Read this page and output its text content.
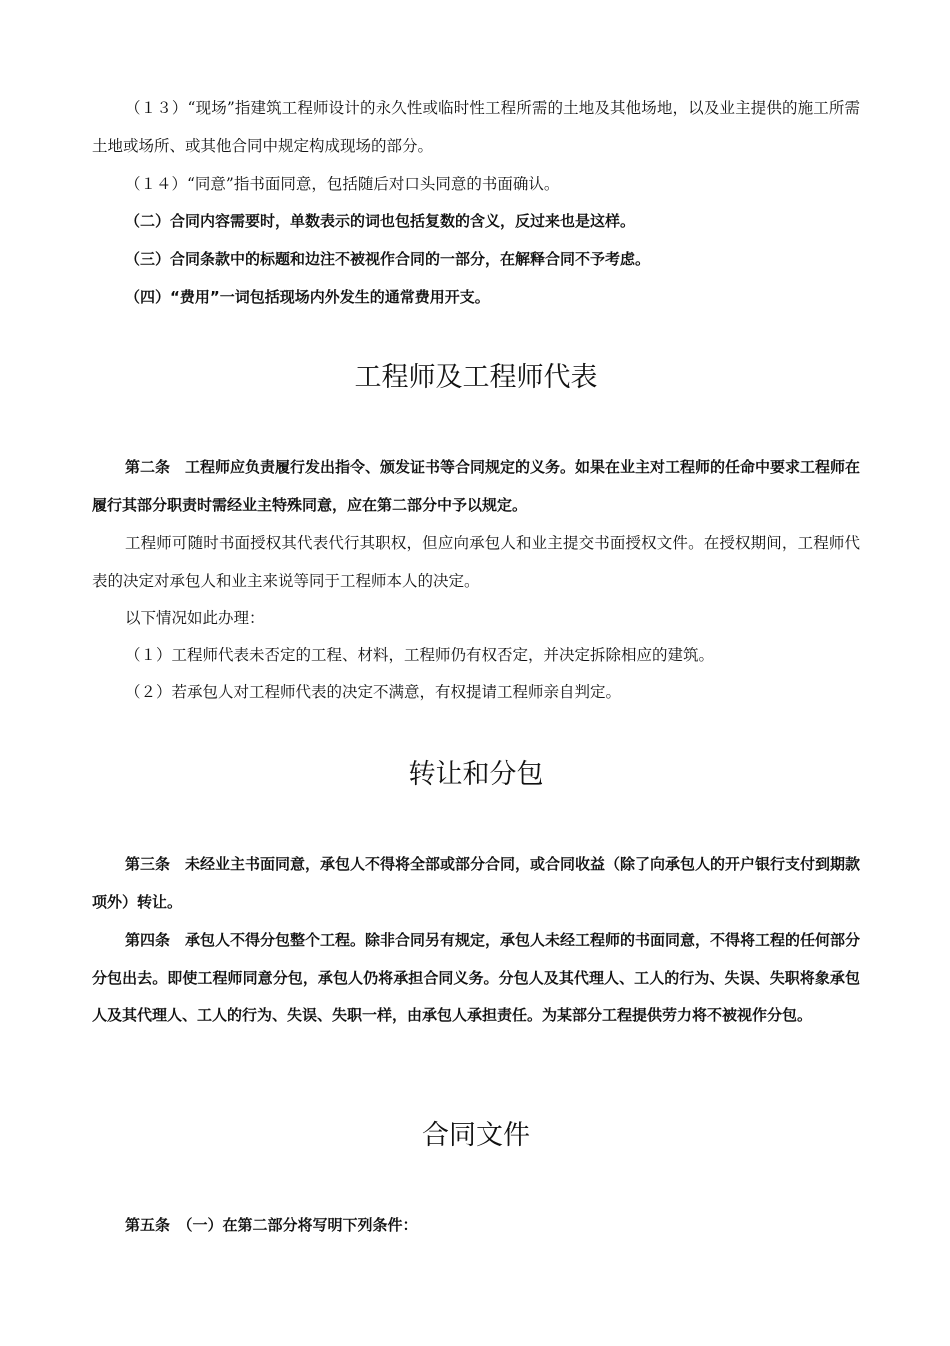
（１３）“现场”指建筑工程师设计的永久性或临时性工程所需的土地及其他场地，以及业主提供的施工所需土地或场所、或其他合同中规定构成现场的部分。

（１４）“同意”指书面同意，包括随后对口头同意的书面确认。

（二）合同内容需要时，单数表示的词也包括复数的含义，反过来也是这样。

（三）合同条款中的标题和边注不被视作合同的一部分，在解释合同不予考虑。

（四）“费用”一词包括现场内外发生的通常费用开支。

工程师及工程师代表

第二条　工程师应负责履行发出指令、颁发证书等合同规定的义务。如果在业主对工程师的任命中要求工程师在履行其部分职责时需经业主特殊同意，应在第二部分中予以规定。

工程师可随时书面授权其代表代行其职权，但应向承包人和业主提交书面授权文件。在授权期间，工程师代表的决定对承包人和业主来说等同于工程师本人的决定。

以下情况如此办理：

（１）工程师代表未否定的工程、材料，工程师仍有权否定，并决定拆除相应的建筑。

（２）若承包人对工程师代表的决定不满意，有权提请工程师亲自判定。

转让和分包

第三条　未经业主书面同意，承包人不得将全部或部分合同，或合同收益（除了向承包人的开户银行支付到期款项外）转让。

第四条　承包人不得分包整个工程。除非合同另有规定，承包人未经工程师的书面同意，不得将工程的任何部分分包出去。即使工程师同意分包，承包人仍将承担合同义务。分包人及其代理人、工人的行为、失误、失职将象承包人及其代理人、工人的行为、失误、失职一样，由承包人承担责任。为某部分工程提供劳力将不被视作分包。

合同文件

第五条　（一）在第二部分将写明下列条件：
